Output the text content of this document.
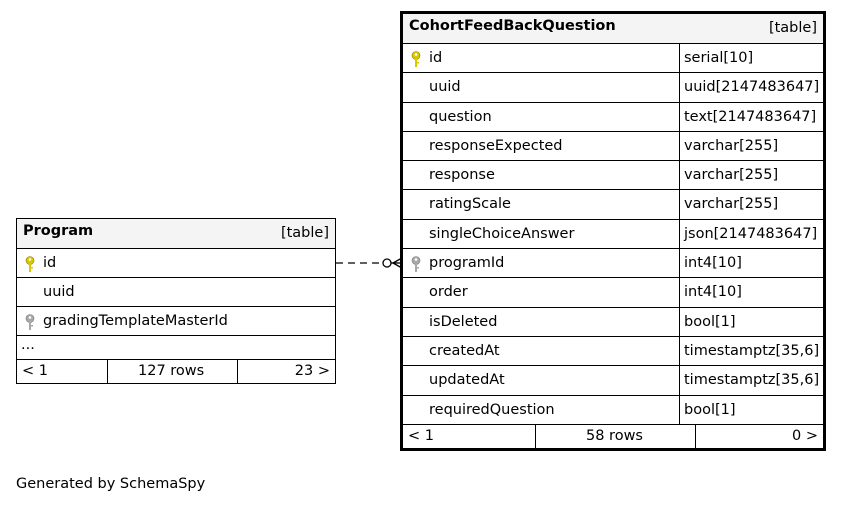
Program	[table]
id
uuid
gradingTemplateMasterId
...
< 1	127 rows	23 >
CohortFeedBackQuestion	[table]
id	serial[10]
uuid	uuid[2147483647]
question	text[2147483647]
responseExpected	varchar[255]
response	varchar[255]
ratingScale	varchar[255]
singleChoiceAnswer	json[2147483647]
programId	int4[10]
order	int4[10]
isDeleted	bool[1]
createdAt	timestamptz[35,6]
updatedAt	timestamptz[35,6]
requiredQuestion	bool[1]
< 1	58 rows	0 >
Generated by SchemaSpy
